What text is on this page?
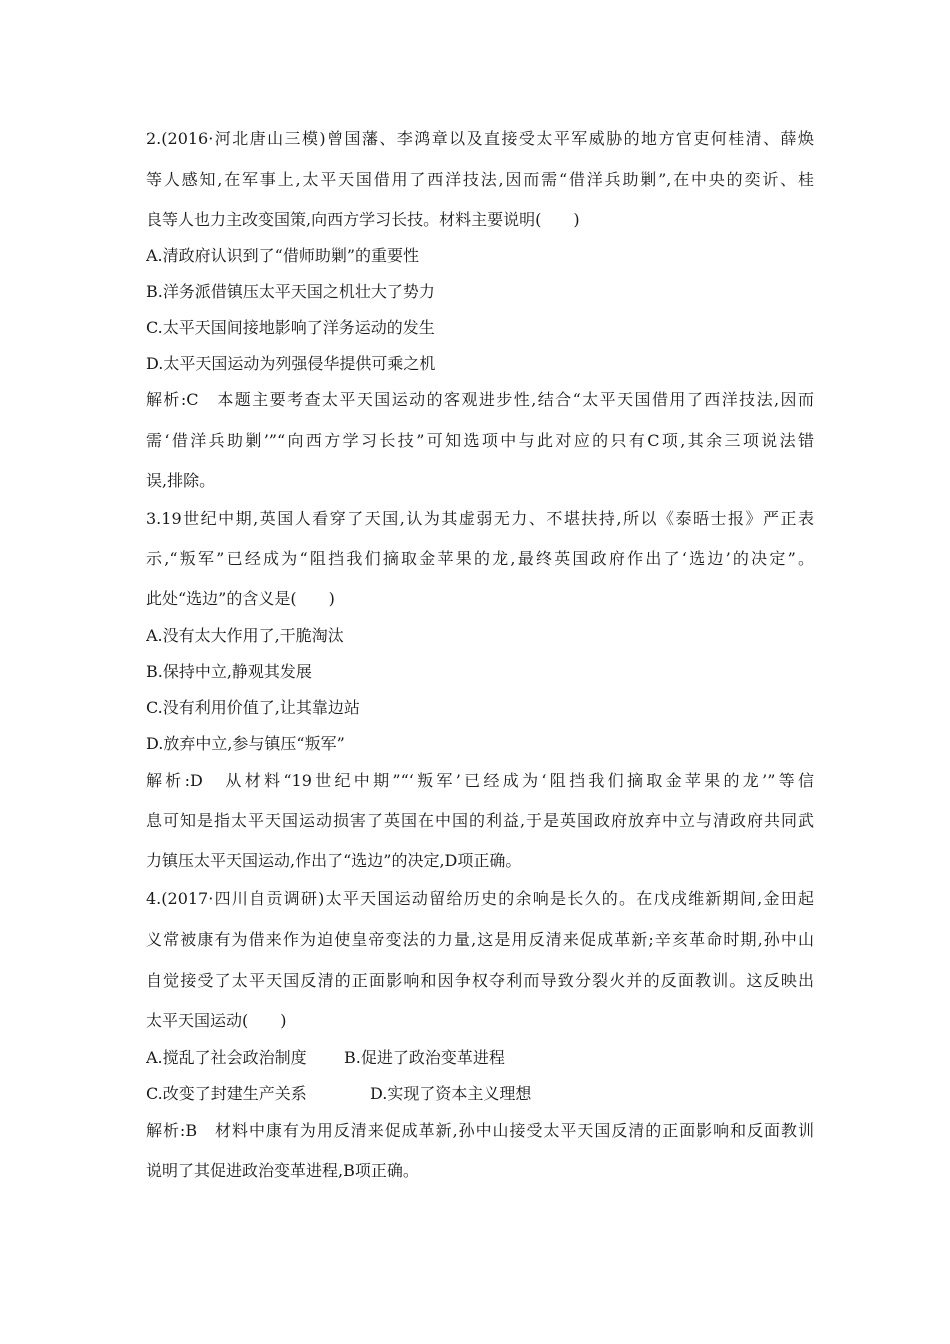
2.(2016·河北唐山三模)曾国藩、李鸿章以及直接受太平军威胁的地方官吏何桂清、薛焕
等人感知,在军事上,太平天国借用了西洋技法,因而需“借洋兵助剿”,在中央的奕䜣、桂
良等人也力主改变国策,向西方学习长技。材料主要说明(　　)
A.清政府认识到了“借师助剿”的重要性
B.洋务派借镇压太平天国之机壮大了势力
C.太平天国间接地影响了洋务运动的发生
D.太平天国运动为列强侵华提供可乘之机
解析:C　本题主要考查太平天国运动的客观进步性,结合“太平天国借用了西洋技法,因而
需‘借洋兵助剿’”“向西方学习长技”可知选项中与此对应的只有C项,其余三项说法错
误,排除。
3.19世纪中期,英国人看穿了天国,认为其虚弱无力、不堪扶持,所以《泰晤士报》严正表
示,“叛军”已经成为“阻挡我们摘取金苹果的龙,最终英国政府作出了‘选边’的决定”。
此处“选边”的含义是(　　)
A.没有太大作用了,干脆淘汰
B.保持中立,静观其发展
C.没有利用价值了,让其靠边站
D.放弃中立,参与镇压“叛军”
解析:D　从材料“19世纪中期”“‘叛军’已经成为‘阻挡我们摘取金苹果的龙’”等信
息可知是指太平天国运动损害了英国在中国的利益,于是英国政府放弃中立与清政府共同武
力镇压太平天国运动,作出了“选边”的决定,D项正确。
4.(2017·四川自贡调研)太平天国运动留给历史的余响是长久的。在戊戌维新期间,金田起
义常被康有为借来作为迫使皇帝变法的力量,这是用反清来促成革新;辛亥革命时期,孙中山
自觉接受了太平天国反清的正面影响和因争权夺利而导致分裂火并的反面教训。这反映出
太平天国运动(　　)
A.搅乱了社会政治制度 B.促进了政治变革进程
C.改变了封建生产关系	D.实现了资本主义理想
解析:B　材料中康有为用反清来促成革新,孙中山接受太平天国反清的正面影响和反面教训
说明了其促进政治变革进程,B项正确。
